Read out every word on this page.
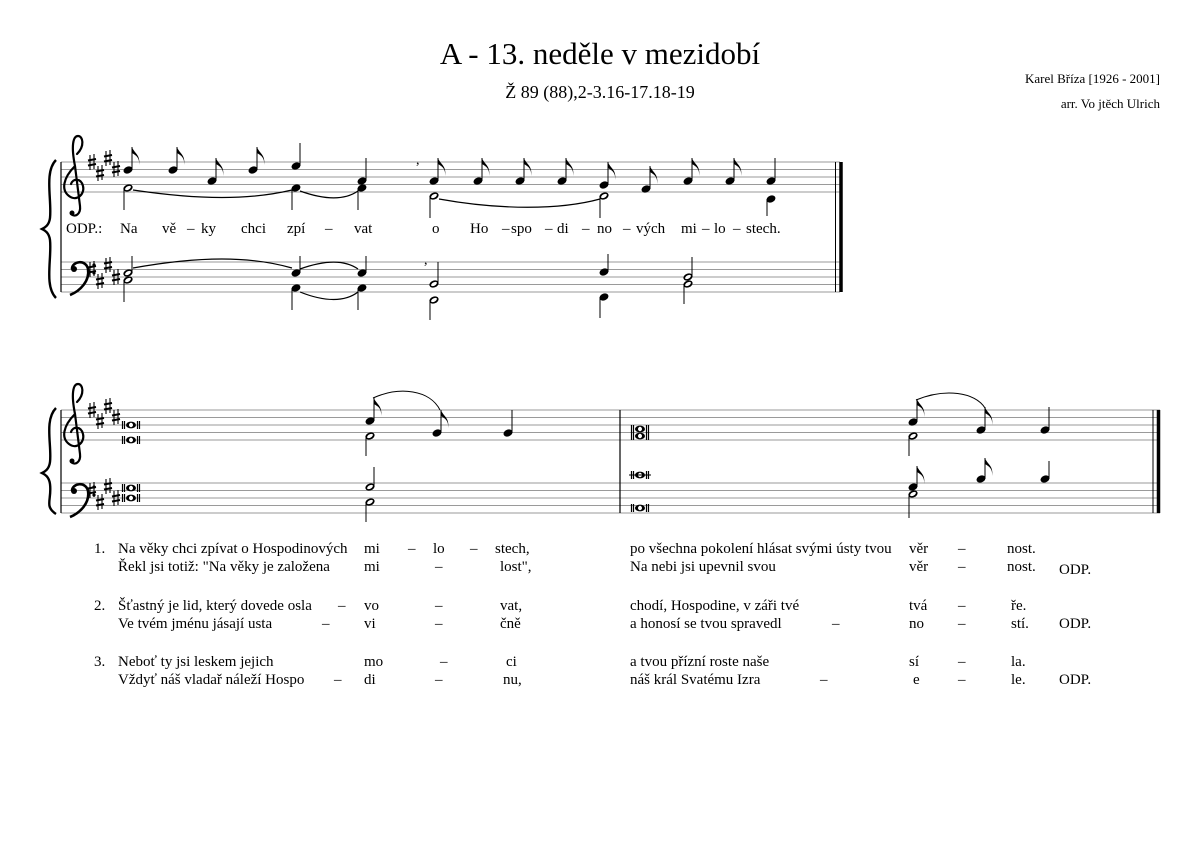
A - 13. neděle v mezidobí
Ž 89 (88),2-3.16-17.18-19
Karel Bříza [1926 - 2001]
arr. Vo jtěch Ulrich
,
,
ODP.: Na vě – ky chci zpí – vat	o Ho – spo – di – no – vých mi – lo – stech.
1. Na věky chci zpívat o Hospodinových mi – lo – stech,	po všechna pokolení hlásat svými ústy tvou věr –	nost.
Řekl jsi totiž: "Na věky je založena mi	–	lost",	Na nebi jsi upevnil svou	věr –	nost. ODP.
2. Šťastný je lid, který dovede osla – vo	–	vat,	chodí, Hospodine, v záři tvé	tvá –	ře.
Ve tvém jménu jásají usta	– vi	–	čně	a honosí se tvou spravedl	–	no –	stí. ODP.
3. Neboť ty jsi leskem jejich	mo	–	ci	a tvou přízní roste naše	sí	–	la.
Vždyť náš vladař náleží Hospo – di	–	nu,	náš král Svatému Izra	–	e	–	le. ODP.
